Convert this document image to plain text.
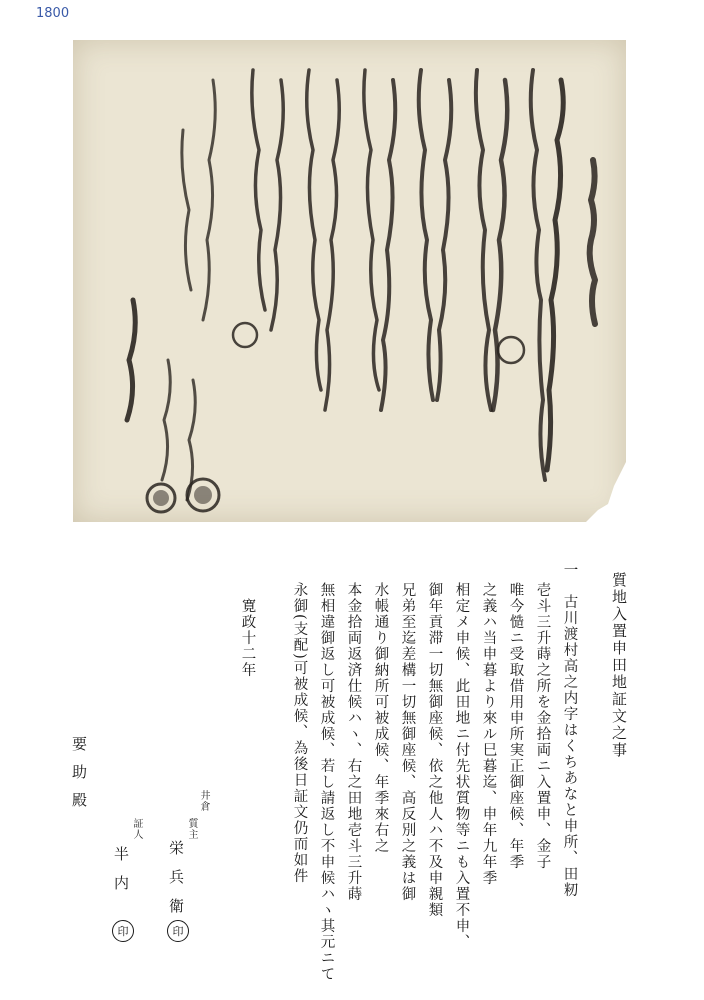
1800
質地入置申田地証文之事
一　古川渡村高之内字はくちあなと申所、田籾
壱斗三升蒔之所を金拾両ニ入置申、金子
唯今慥ニ受取借用申所実正御座候、年季
之義ハ当申暮より來ル巳暮迄、申年九年季
相定メ申候、此田地ニ付先状質物等ニも入置不申、
御年貢滞一切無御座候、依之他人ハ不及申親類
兄弟至迄差構一切無御座候、高反別之義は御
水帳通り御納所可被成候、年季來右之
本金拾両返済仕候ハヽ、右之田地壱斗三升蒔
無相違御返し可被成候、若し請返し不申候ハヽ其元ニて
永御(支配)可被成候、為後日証文仍而如件
寛政十二年
井倉
質主
栄兵衛
印
証人
半内
印
要助殿
